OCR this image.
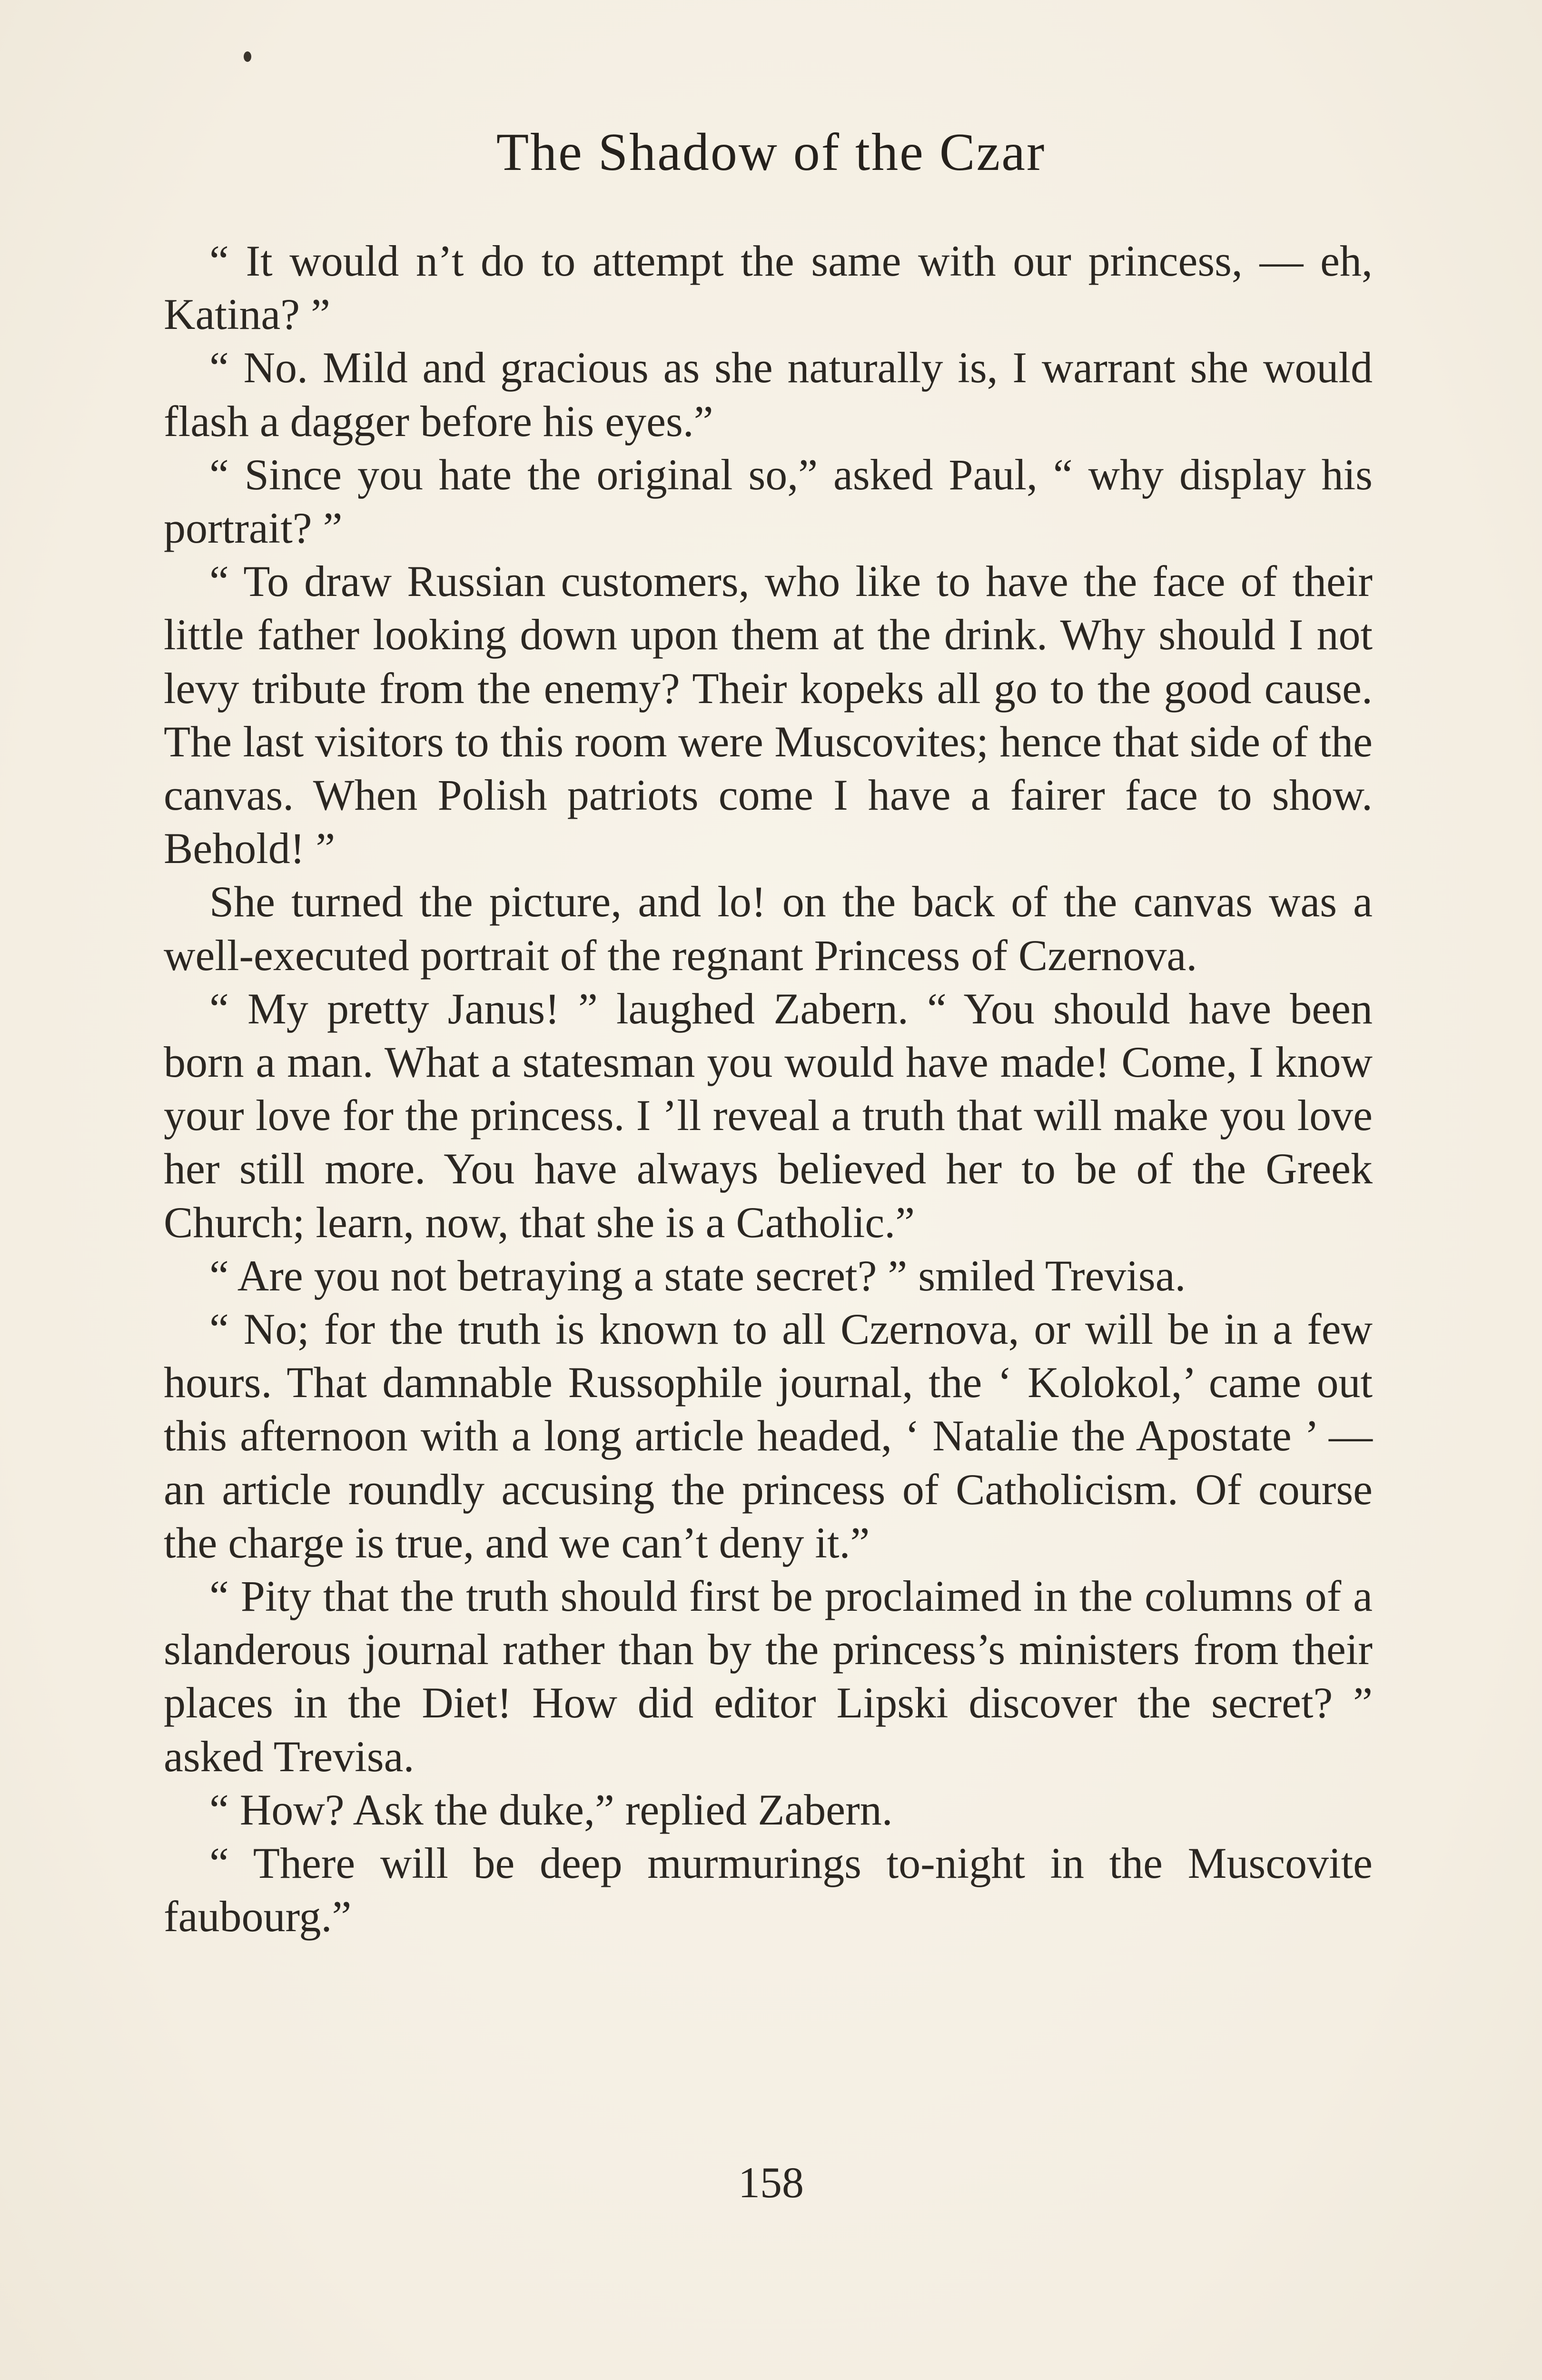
The Shadow of the Czar

“ It would n’t do to attempt the same with our princess, — eh, Katina? ”

“ No. Mild and gracious as she naturally is, I warrant she would flash a dagger before his eyes.”

“ Since you hate the original so,” asked Paul, “ why display his portrait? ”

“ To draw Russian customers, who like to have the face of their little father looking down upon them at the drink. Why should I not levy tribute from the enemy? Their kopeks all go to the good cause. The last visitors to this room were Muscovites; hence that side of the canvas. When Polish patriots come I have a fairer face to show. Behold! ”

She turned the picture, and lo! on the back of the canvas was a well-executed portrait of the regnant Princess of Czernova.

“ My pretty Janus! ” laughed Zabern. “ You should have been born a man. What a statesman you would have made! Come, I know your love for the princess. I ’ll reveal a truth that will make you love her still more. You have always believed her to be of the Greek Church; learn, now, that she is a Catholic.”

“ Are you not betraying a state secret? ” smiled Trevisa.

“ No; for the truth is known to all Czernova, or will be in a few hours. That damnable Russophile journal, the ‘ Kolokol,’ came out this afternoon with a long article headed, ‘ Natalie the Apostate ’ — an article roundly accusing the princess of Catholicism. Of course the charge is true, and we can’t deny it.”

“ Pity that the truth should first be proclaimed in the columns of a slanderous journal rather than by the princess’s ministers from their places in the Diet! How did editor Lipski discover the secret? ” asked Trevisa.

“ How? Ask the duke,” replied Zabern.

“ There will be deep murmurings to-night in the Muscovite faubourg.”

158
